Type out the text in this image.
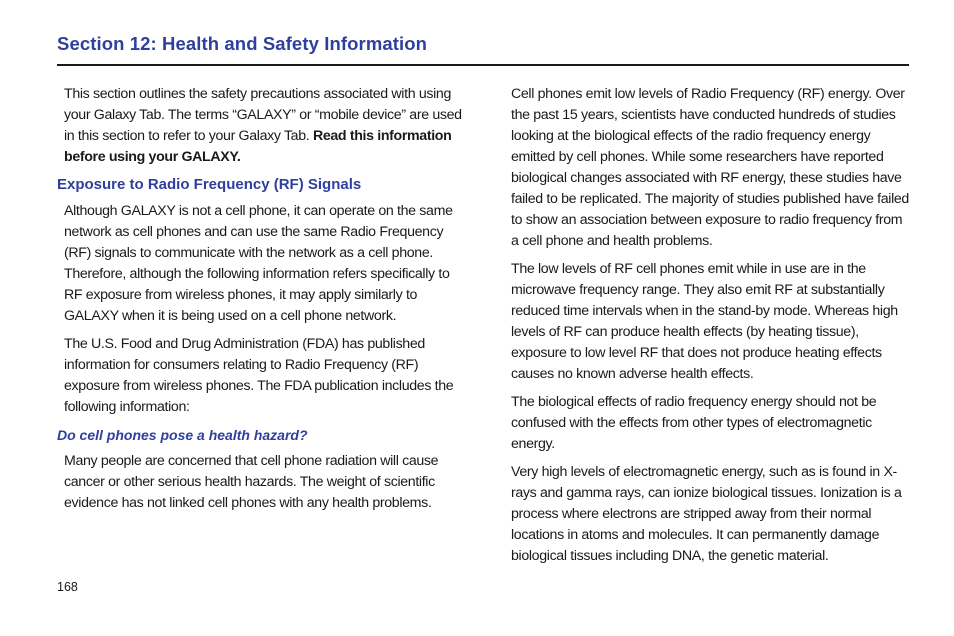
Section 12: Health and Safety Information

This section outlines the safety precautions associated with using your Galaxy Tab. The terms “GALAXY” or “mobile device” are used in this section to refer to your Galaxy Tab. Read this information before using your GALAXY.

Exposure to Radio Frequency (RF) Signals

Although GALAXY is not a cell phone, it can operate on the same network as cell phones and can use the same Radio Frequency (RF) signals to communicate with the network as a cell phone. Therefore, although the following information refers specifically to RF exposure from wireless phones, it may apply similarly to GALAXY when it is being used on a cell phone network.

The U.S. Food and Drug Administration (FDA) has published information for consumers relating to Radio Frequency (RF) exposure from wireless phones. The FDA publication includes the following information:

Do cell phones pose a health hazard?

Many people are concerned that cell phone radiation will cause cancer or other serious health hazards. The weight of scientific evidence has not linked cell phones with any health problems.

Cell phones emit low levels of Radio Frequency (RF) energy. Over the past 15 years, scientists have conducted hundreds of studies looking at the biological effects of the radio frequency energy emitted by cell phones. While some researchers have reported biological changes associated with RF energy, these studies have failed to be replicated. The majority of studies published have failed to show an association between exposure to radio frequency from a cell phone and health problems.

The low levels of RF cell phones emit while in use are in the microwave frequency range. They also emit RF at substantially reduced time intervals when in the stand-by mode. Whereas high levels of RF can produce health effects (by heating tissue), exposure to low level RF that does not produce heating effects causes no known adverse health effects.

The biological effects of radio frequency energy should not be confused with the effects from other types of electromagnetic energy.

Very high levels of electromagnetic energy, such as is found in X-rays and gamma rays, can ionize biological tissues. Ionization is a process where electrons are stripped away from their normal locations in atoms and molecules. It can permanently damage biological tissues including DNA, the genetic material.

168
